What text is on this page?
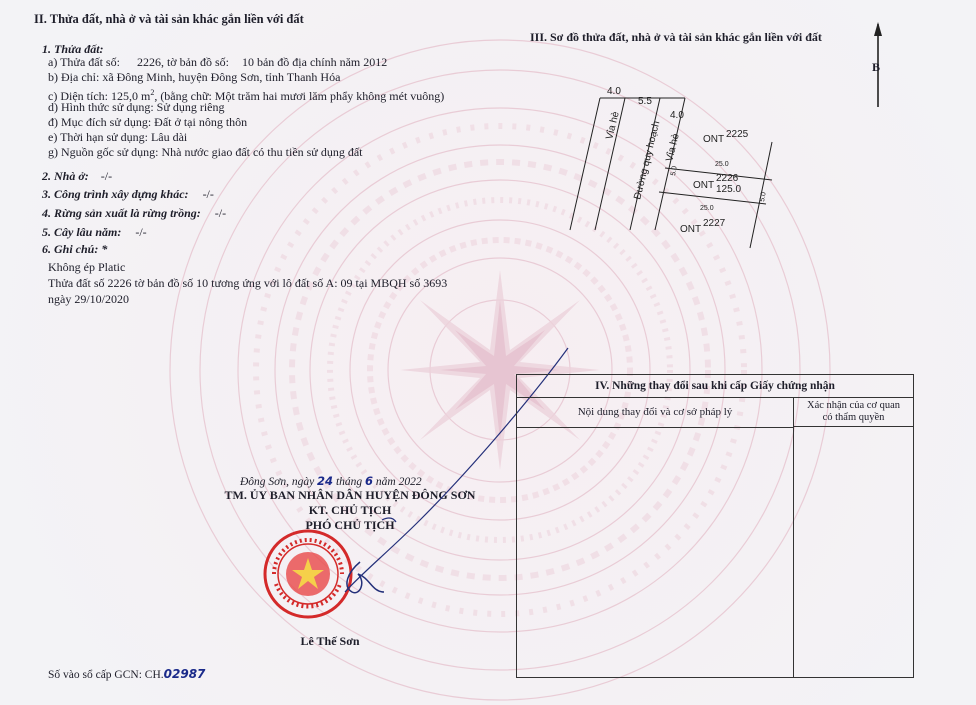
II. Thửa đất, nhà ở và tài sản khác gắn liền với đất
1. Thửa đất:
a) Thửa đất số: 2226, tờ bản đồ số: 10 bản đồ địa chính năm 2012
b) Địa chỉ: xã Đông Minh, huyện Đông Sơn, tỉnh Thanh Hóa
c) Diện tích: 125,0 $m^2$, (bằng chữ: Một trăm hai mươi lăm phẩy không mét vuông)
d) Hình thức sử dụng: Sử dụng riêng
đ) Mục đích sử dụng: Đất ở tại nông thôn
e) Thời hạn sử dụng: Lâu dài
g) Nguồn gốc sử dụng: Nhà nước giao đất có thu tiền sử dụng đất
2. Nhà ở: -/-
3. Công trình xây dựng khác: -/-
4. Rừng sản xuất là rừng trồng: -/-
5. Cây lâu năm: -/-
6. Ghi chú: *
Không ép Platic
Thửa đất số 2226 tờ bản đồ số 10 tương ứng với lô đất số A: 09 tại MBQH số 3693
ngày 29/10/2020
III. Sơ đồ thửa đất, nhà ở và tài sản khác gắn liền với đất
B
4.0
5.5
4.0
Vỉa hè Đường quy hoạch Vỉa hè ONT 2225
25.0
ONT
2226
125.0
25.0
ONT
2227
5.0
5.0
Đông Sơn, ngày 24 tháng 6 năm 2022
TM. ỦY BAN NHÂN DÂN HUYỆN ĐÔNG SƠN
KT. CHỦ TỊCH
PHÓ CHỦ TỊCH
Lê Thế Sơn
IV. Những thay đổi sau khi cấp Giấy chứng nhận
Nội dung thay đổi và cơ sở pháp lý
Xác nhận của cơ quan
có thẩm quyền
Số vào sổ cấp GCN: CH.02987
